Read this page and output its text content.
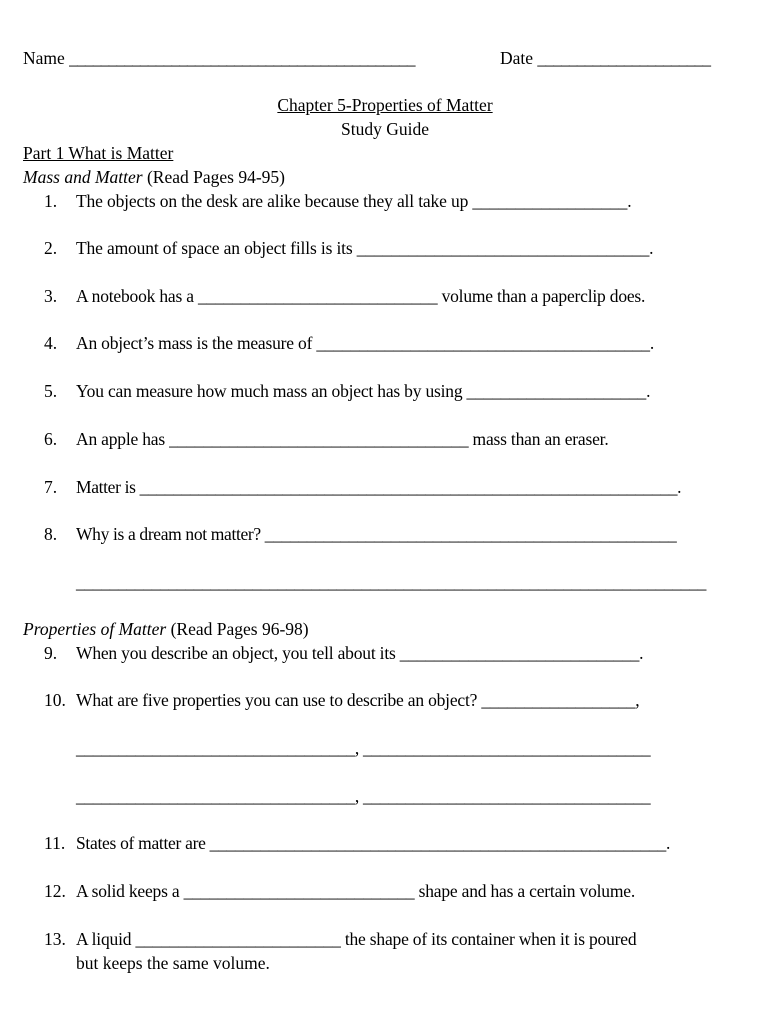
Name ____________________________________________	Date ______________________
Chapter 5-Properties of Matter
Study Guide
Part 1 What is Matter
Mass and Matter (Read Pages 94-95)
1. The objects on the desk are alike because they all take up __________________.
2. The amount of space an object fills is its __________________________________.
3. A notebook has a ____________________________ volume than a paperclip does.
4. An object’s mass is the measure of _______________________________________.
5. You can measure how much mass an object has by using _____________________.
6. An apple has ___________________________________ mass than an eraser.
7. Matter is ________________________________________________________________.
8. Why is a dream not matter? _________________________________________________
___________________________________________________________________________
Properties of Matter (Read Pages 96-98)
9. When you describe an object, you tell about its ____________________________.
10. What are five properties you can use to describe an object? __________________,
_________________________________, __________________________________
_________________________________, __________________________________
11. States of matter are ______________________________________________________.
12. A solid keeps a ___________________________ shape and has a certain volume.
13. A liquid ________________________ the shape of its container when it is poured
but keeps the same volume.
